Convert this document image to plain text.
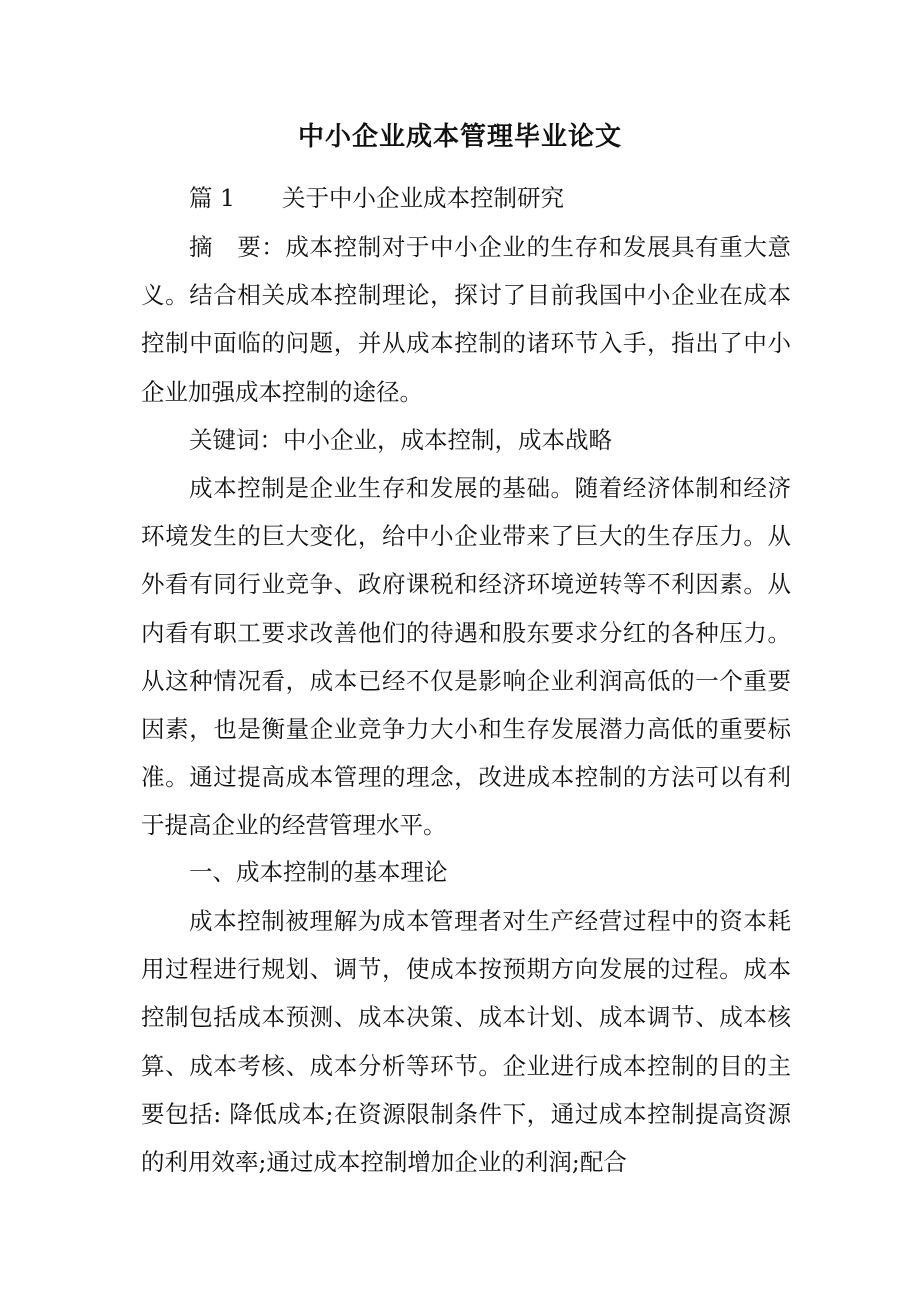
中小企业成本管理毕业论文
篇 1 关于中小企业成本控制研究

摘　要：成本控制对于中小企业的生存和发展具有重大意义。结合相关成本控制理论，探讨了目前我国中小企业在成本控制中面临的问题，并从成本控制的诸环节入手，指出了中小企业加强成本控制的途径。

关键词：中小企业，成本控制，成本战略

成本控制是企业生存和发展的基础。随着经济体制和经济环境发生的巨大变化，给中小企业带来了巨大的生存压力。从外看有同行业竞争、政府课税和经济环境逆转等不利因素。从内看有职工要求改善他们的待遇和股东要求分红的各种压力。从这种情况看，成本已经不仅是影响企业利润高低的一个重要因素，也是衡量企业竞争力大小和生存发展潜力高低的重要标准。通过提高成本管理的理念，改进成本控制的方法可以有利于提高企业的经营管理水平。

一、成本控制的基本理论

成本控制被理解为成本管理者对生产经营过程中的资本耗用过程进行规划、调节，使成本按预期方向发展的过程。成本控制包括成本预测、成本决策、成本计划、成本调节、成本核算、成本考核、成本分析等环节。企业进行成本控制的目的主要包括: 降低成本;在资源限制条件下，通过成本控制提高资源的利用效率;通过成本控制增加企业的利润;配合
